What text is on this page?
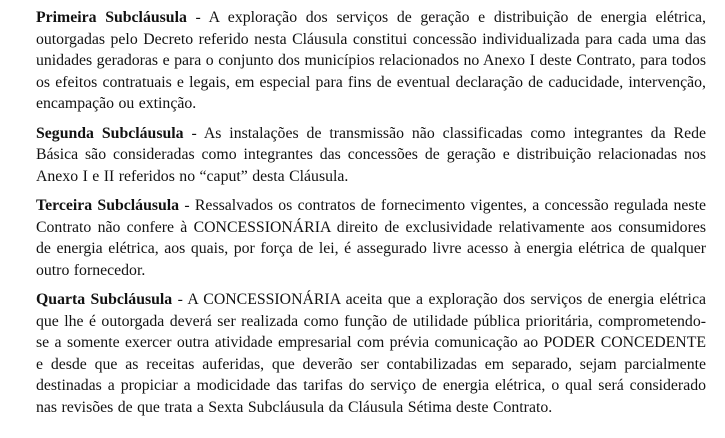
Primeira Subcláusula - A exploração dos serviços de geração e distribuição de energia elétrica, outorgadas pelo Decreto referido nesta Cláusula constitui concessão individualizada para cada uma das unidades geradoras e para o conjunto dos municípios relacionados no Anexo I deste Contrato, para todos os efeitos contratuais e legais, em especial para fins de eventual declaração de caducidade, intervenção, encampação ou extinção.

Segunda Subcláusula - As instalações de transmissão não classificadas como integrantes da Rede Básica são consideradas como integrantes das concessões de geração e distribuição relacionadas nos Anexo I e II referidos no “caput” desta Cláusula.

Terceira Subcláusula - Ressalvados os contratos de fornecimento vigentes, a concessão regulada neste Contrato não confere à CONCESSIONÁRIA direito de exclusividade relativamente aos consumidores de energia elétrica, aos quais, por força de lei, é assegurado livre acesso à energia elétrica de qualquer outro fornecedor.

Quarta Subcláusula - A CONCESSIONÁRIA aceita que a exploração dos serviços de energia elétrica que lhe é outorgada deverá ser realizada como função de utilidade pública prioritária, comprometendo-se a somente exercer outra atividade empresarial com prévia comunicação ao PODER CONCEDENTE e desde que as receitas auferidas, que deverão ser contabilizadas em separado, sejam parcialmente destinadas a propiciar a modicidade das tarifas do serviço de energia elétrica, o qual será considerado nas revisões de que trata a Sexta Subcláusula da Cláusula Sétima deste Contrato.
